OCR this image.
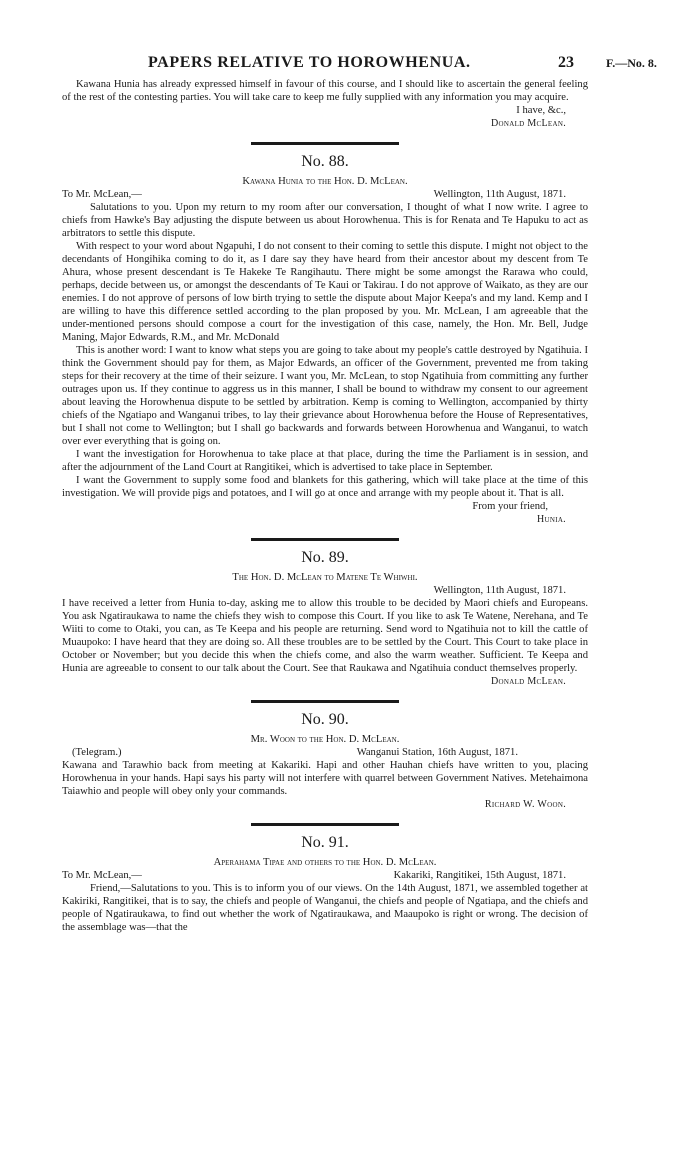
PAPERS RELATIVE TO HOROWHENUA.	23	F.—No. 8.

Kawana Hunia has already expressed himself in favour of this course, and I should like to ascertain the general feeling of the rest of the contesting parties. You will take care to keep me fully supplied with any information you may acquire.

I have, &c.,
Donald McLean.
No. 88.
Kawana Hunia to the Hon. D. McLean.
To Mr. McLean,—	Wellington, 11th August, 1871.

Salutations to you. Upon my return to my room after our conversation, I thought of what I now write. I agree to chiefs from Hawke's Bay adjusting the dispute between us about Horowhenua. This is for Renata and Te Hapuku to act as arbitrators to settle this dispute.

With respect to your word about Ngapuhi, I do not consent to their coming to settle this dispute. I might not object to the decendants of Hongihika coming to do it, as I dare say they have heard from their ancestor about my descent from Te Ahura, whose present descendant is Te Hakeke Te Rangihautu. There might be some amongst the Rarawa who could, perhaps, decide between us, or amongst the descendants of Te Kaui or Takirau. I do not approve of Waikato, as they are our enemies. I do not approve of persons of low birth trying to settle the dispute about Major Keepa's and my land. Kemp and I are willing to have this difference settled according to the plan proposed by you. Mr. McLean, I am agreeable that the under-mentioned persons should compose a court for the investigation of this case, namely, the Hon. Mr. Bell, Judge Maning, Major Edwards, R.M., and Mr. McDonald

This is another word: I want to know what steps you are going to take about my people's cattle destroyed by Ngatihuia. I think the Government should pay for them, as Major Edwards, an officer of the Government, prevented me from taking steps for their recovery at the time of their seizure. I want you, Mr. McLean, to stop Ngatihuia from committing any further outrages upon us. If they continue to aggress us in this manner, I shall be bound to withdraw my consent to our agreement about leaving the Horowhenua dispute to be settled by arbitration. Kemp is coming to Wellington, accompanied by thirty chiefs of the Ngatiapo and Wanganui tribes, to lay their grievance about Horowhenua before the House of Representatives, but I shall not come to Wellington; but I shall go backwards and forwards between Horowhenua and Wanganui, to watch over ever everything that is going on.

I want the investigation for Horowhenua to take place at that place, during the time the Parliament is in session, and after the adjournment of the Land Court at Rangitikei, which is advertised to take place in September.

I want the Government to supply some food and blankets for this gathering, which will take place at the time of this investigation. We will provide pigs and potatoes, and I will go at once and arrange with my people about it. That is all.

From your friend,
Hunia.
No. 89.
The Hon. D. McLean to Matene Te Whiwhi.
Wellington, 11th August, 1871.

I have received a letter from Hunia to-day, asking me to allow this trouble to be decided by Maori chiefs and Europeans. You ask Ngatiraukawa to name the chiefs they wish to compose this Court. If you like to ask Te Watene, Nerehana, and Te Wiiti to come to Otaki, you can, as Te Keepa and his people are returning. Send word to Ngatihuia not to kill the cattle of Muaupoko: I have heard that they are doing so. All these troubles are to be settled by the Court. This Court to take place in October or November; but you decide this when the chiefs come, and also the warm weather. Sufficient. Te Keepa and Hunia are agreeable to consent to our talk about the Court. See that Raukawa and Ngatihuia conduct themselves properly.

Donald McLean.
No. 90.
Mr. Woon to the Hon. D. McLean.
(Telegram.)	Wanganui Station, 16th August, 1871.

Kawana and Tarawhio back from meeting at Kakariki. Hapi and other Hauhan chiefs have written to you, placing Horowhenua in your hands. Hapi says his party will not interfere with quarrel between Government Natives. Metehaimona Taiawhio and people will obey only your commands.

Richard W. Woon.
No. 91.
Aperahama Tipae and others to the Hon. D. McLean.
To Mr. McLean,—	Kakariki, Rangitikei, 15th August, 1871.

Friend,—Salutations to you. This is to inform you of our views. On the 14th August, 1871, we assembled together at Kakiriki, Rangitikei, that is to say, the chiefs and people of Wanganui, the chiefs and people of Ngatiapa, and the chiefs and people of Ngatiraukawa, to find out whether the work of Ngatiraukawa, and Maaupoko is right or wrong. The decision of the assemblage was—that the
